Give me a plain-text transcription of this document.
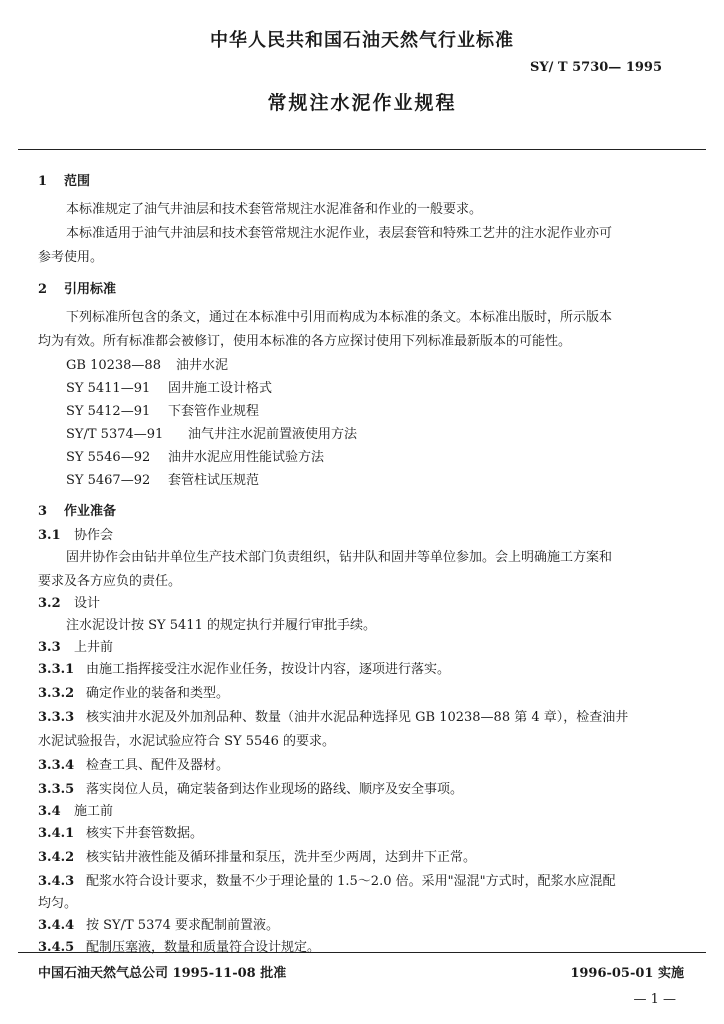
中华人民共和国石油天然气行业标准
SY/ T 5730— 1995
常规注水泥作业规程
1 范围
本标准规定了油气井油层和技术套管常规注水泥准备和作业的一般要求。
本标准适用于油气井油层和技术套管常规注水泥作业，表层套管和特殊工艺井的注水泥作业亦可
参考使用。
2 引用标准
下列标准所包含的条文，通过在本标准中引用而构成为本标准的条文。本标准出版时，所示版本
均为有效。所有标准都会被修订，使用本标准的各方应探讨使用下列标准最新版本的可能性。
GB 10238—88 油井水泥
SY 5411—91 固井施工设计格式
SY 5412—91 下套管作业规程
SY/T 5374—91 油气井注水泥前置液使用方法
SY 5546—92 油井水泥应用性能试验方法
SY 5467—92 套管柱试压规范
3 作业准备
3.1 协作会
固井协作会由钻井单位生产技术部门负责组织，钻井队和固井等单位参加。会上明确施工方案和
要求及各方应负的责任。
3.2 设计
注水泥设计按 SY 5411 的规定执行并履行审批手续。
3.3 上井前
3.3.1 由施工指挥接受注水泥作业任务，按设计内容，逐项进行落实。
3.3.2 确定作业的装备和类型。
3.3.3 核实油井水泥及外加剂品种、数量（油井水泥品种选择见 GB 10238—88 第 4 章），检查油井
水泥试验报告，水泥试验应符合 SY 5546 的要求。
3.3.4 检查工具、配件及器材。
3.3.5 落实岗位人员，确定装备到达作业现场的路线、顺序及安全事项。
3.4 施工前
3.4.1 核实下井套管数据。
3.4.2 核实钻井液性能及循环排量和泵压，洗井至少两周，达到井下正常。
3.4.3 配浆水符合设计要求，数量不少于理论量的 1.5～2.0 倍。采用"湿混"方式时，配浆水应混配
均匀。
3.4.4 按 SY/T 5374 要求配制前置液。
3.4.5 配制压塞液，数量和质量符合设计规定。
中国石油天然气总公司 1995-11-08 批准	1996-05-01 实施
— 1 —
